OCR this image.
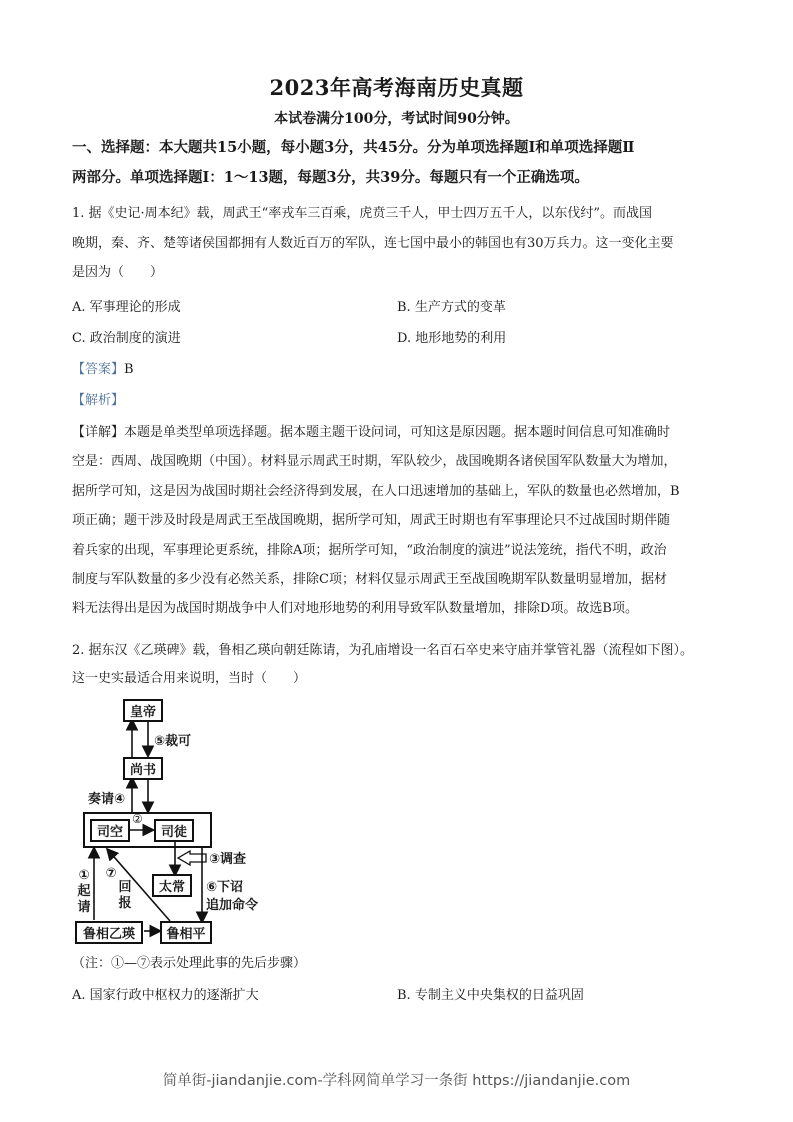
2023年高考海南历史真题
本试卷满分100分，考试时间90分钟。
一、选择题：本大题共15小题，每小题3分，共45分。分为单项选择题Ⅰ和单项选择题Ⅱ
两部分。单项选择题Ⅰ：1～13题，每题3分，共39分。每题只有一个正确选项。
1. 据《史记·周本纪》载，周武王“率戎车三百乘，虎贲三千人，甲士四万五千人，以东伐纣”。而战国
晚期，秦、齐、楚等诸侯国都拥有人数近百万的军队，连七国中最小的韩国也有30万兵力。这一变化主要
是因为（　　）
A. 军事理论的形成	B. 生产方式的变革
C. 政治制度的演进	D. 地形地势的利用
【答案】B
【解析】
【详解】本题是单类型单项选择题。据本题主题干设问词，可知这是原因题。据本题时间信息可知准确时
空是：西周、战国晚期（中国）。材料显示周武王时期，军队较少，战国晚期各诸侯国军队数量大为增加，
据所学可知，这是因为战国时期社会经济得到发展，在人口迅速增加的基础上，军队的数量也必然增加，B
项正确；题干涉及时段是周武王至战国晚期，据所学可知，周武王时期也有军事理论只不过战国时期伴随
着兵家的出现，军事理论更系统，排除A项；据所学可知，“政治制度的演进”说法笼统，指代不明，政治
制度与军队数量的多少没有必然关系，排除C项；材料仅显示周武王至战国晚期军队数量明显增加，据材
料无法得出是因为战国时期战争中人们对地形地势的利用导致军队数量增加，排除D项。故选B项。
2. 据东汉《乙瑛碑》载，鲁相乙瑛向朝廷陈请，为孔庙增设一名百石卒史来守庙并掌管礼器（流程如下图）。
这一史实最适合用来说明，当时（　　）
皇帝
尚书
司空	司徒
太常
鲁相乙瑛	鲁相平
⑤裁可
奏请④
②
③调查
⑥下诏
追加命令
①
起
请
⑦
回
报
（注：①—⑦表示处理此事的先后步骤）
A. 国家行政中枢权力的逐渐扩大	B. 专制主义中央集权的日益巩固
简单街-jiandanjie.com-学科网简单学习一条街 https://jiandanjie.com
